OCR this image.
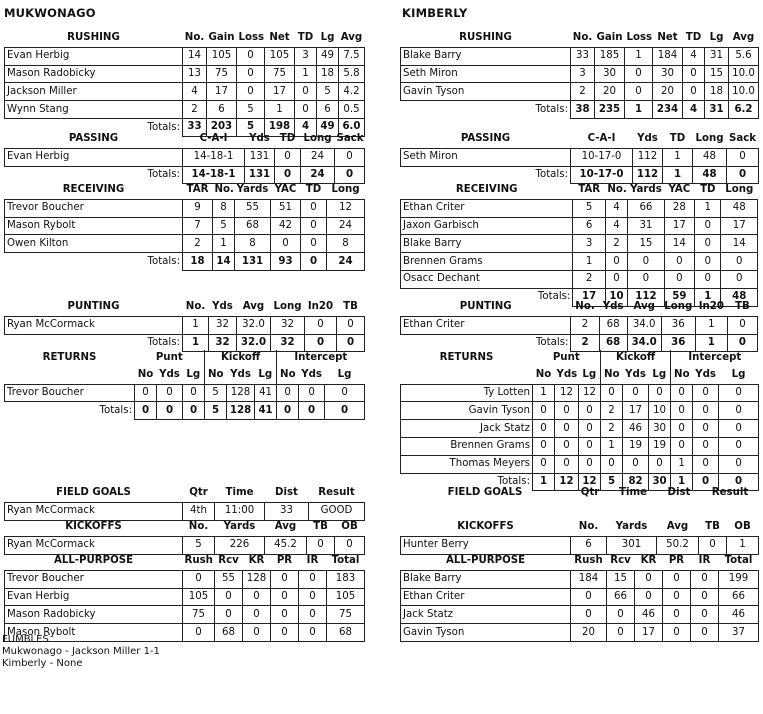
MUKWONAGO
RUSHING	No.	Gain	Loss	Net	TD	Lg	Avg
Evan Herbig	14	105	0	105	3	49	7.5
Mason Radobicky	13	75	0	75	1	18	5.8
Jackson Miller	4	17	0	17	0	5	4.2
Wynn Stang	2	6	5	1	0	6	0.5
Totals:	33	203	5	198	4	49	6.0
PASSING	C-A-I	Yds	TD	Long	Sack
Evan Herbig	14-18-1	131	0	24	0
Totals:	14-18-1	131	0	24	0
RECEIVING	TAR	No.	Yards	YAC	TD	Long
Trevor Boucher	9	8	55	51	0	12
Mason Rybolt	7	5	68	42	0	24
Owen Kilton	2	1	8	0	0	8
Totals:	18	14	131	93	0	24
PUNTING	No.	Yds	Avg	Long	In20	TB
Ryan McCormack	1	32	32.0	32	0	0
Totals:	1	32	32.0	32	0	0
RETURNS	Punt			Kickoff			Intercept		
	No	Yds	Lg	No	Yds	Lg	No	Yds	Lg
Trevor Boucher	0	0	0	5	128	41	0	0	0
Totals:	0	0	0	5	128	41	0	0	0
FIELD GOALS	Qtr	Time	Dist	Result
Ryan McCormack	4th	11:00	33	GOOD
KICKOFFS	No.	Yards	Avg	TB	OB
Ryan McCormack	5	226	45.2	0	0
ALL-PURPOSE	Rush	Rcv	KR	PR	IR	Total
Trevor Boucher	0	55	128	0	0	183
Evan Herbig	105	0	0	0	0	105
Mason Radobicky	75	0	0	0	0	75
Mason Rybolt	0	68	0	0	0	68
FUMBLES
Mukwonago - Jackson Miller 1-1
Kimberly - None
KIMBERLY
RUSHING	No.	Gain	Loss	Net	TD	Lg	Avg
Blake Barry	33	185	1	184	4	31	5.6
Seth Miron	3	30	0	30	0	15	10.0
Gavin Tyson	2	20	0	20	0	18	10.0
Totals:	38	235	1	234	4	31	6.2
PASSING	C-A-I	Yds	TD	Long	Sack
Seth Miron	10-17-0	112	1	48	0
Totals:	10-17-0	112	1	48	0
RECEIVING	TAR	No.	Yards	YAC	TD	Long
Ethan Criter	5	4	66	28	1	48
Jaxon Garbisch	6	4	31	17	0	17
Blake Barry	3	2	15	14	0	14
Brennen Grams	1	0	0	0	0	0
Osacc Dechant	2	0	0	0	0	0
Totals:	17	10	112	59	1	48
PUNTING	No.	Yds	Avg	Long	In20	TB
Ethan Criter	2	68	34.0	36	1	0
Totals:	2	68	34.0	36	1	0
RETURNS	Punt			Kickoff			Intercept		
	No	Yds	Lg	No	Yds	Lg	No	Yds	Lg
Ty Lotten	1	12	12	0	0	0	0	0	0
Gavin Tyson	0	0	0	2	17	10	0	0	0
Jack Statz	0	0	0	2	46	30	0	0	0
Brennen Grams	0	0	0	1	19	19	0	0	0
Thomas Meyers	0	0	0	0	0	0	1	0	0
Totals:	1	12	12	5	82	30	1	0	0
FIELD GOALS	Qtr	Time	Dist	Result
KICKOFFS	No.	Yards	Avg	TB	OB
Hunter Berry	6	301	50.2	0	1
ALL-PURPOSE	Rush	Rcv	KR	PR	IR	Total
Blake Barry	184	15	0	0	0	199
Ethan Criter	0	66	0	0	0	66
Jack Statz	0	0	46	0	0	46
Gavin Tyson	20	0	17	0	0	37
